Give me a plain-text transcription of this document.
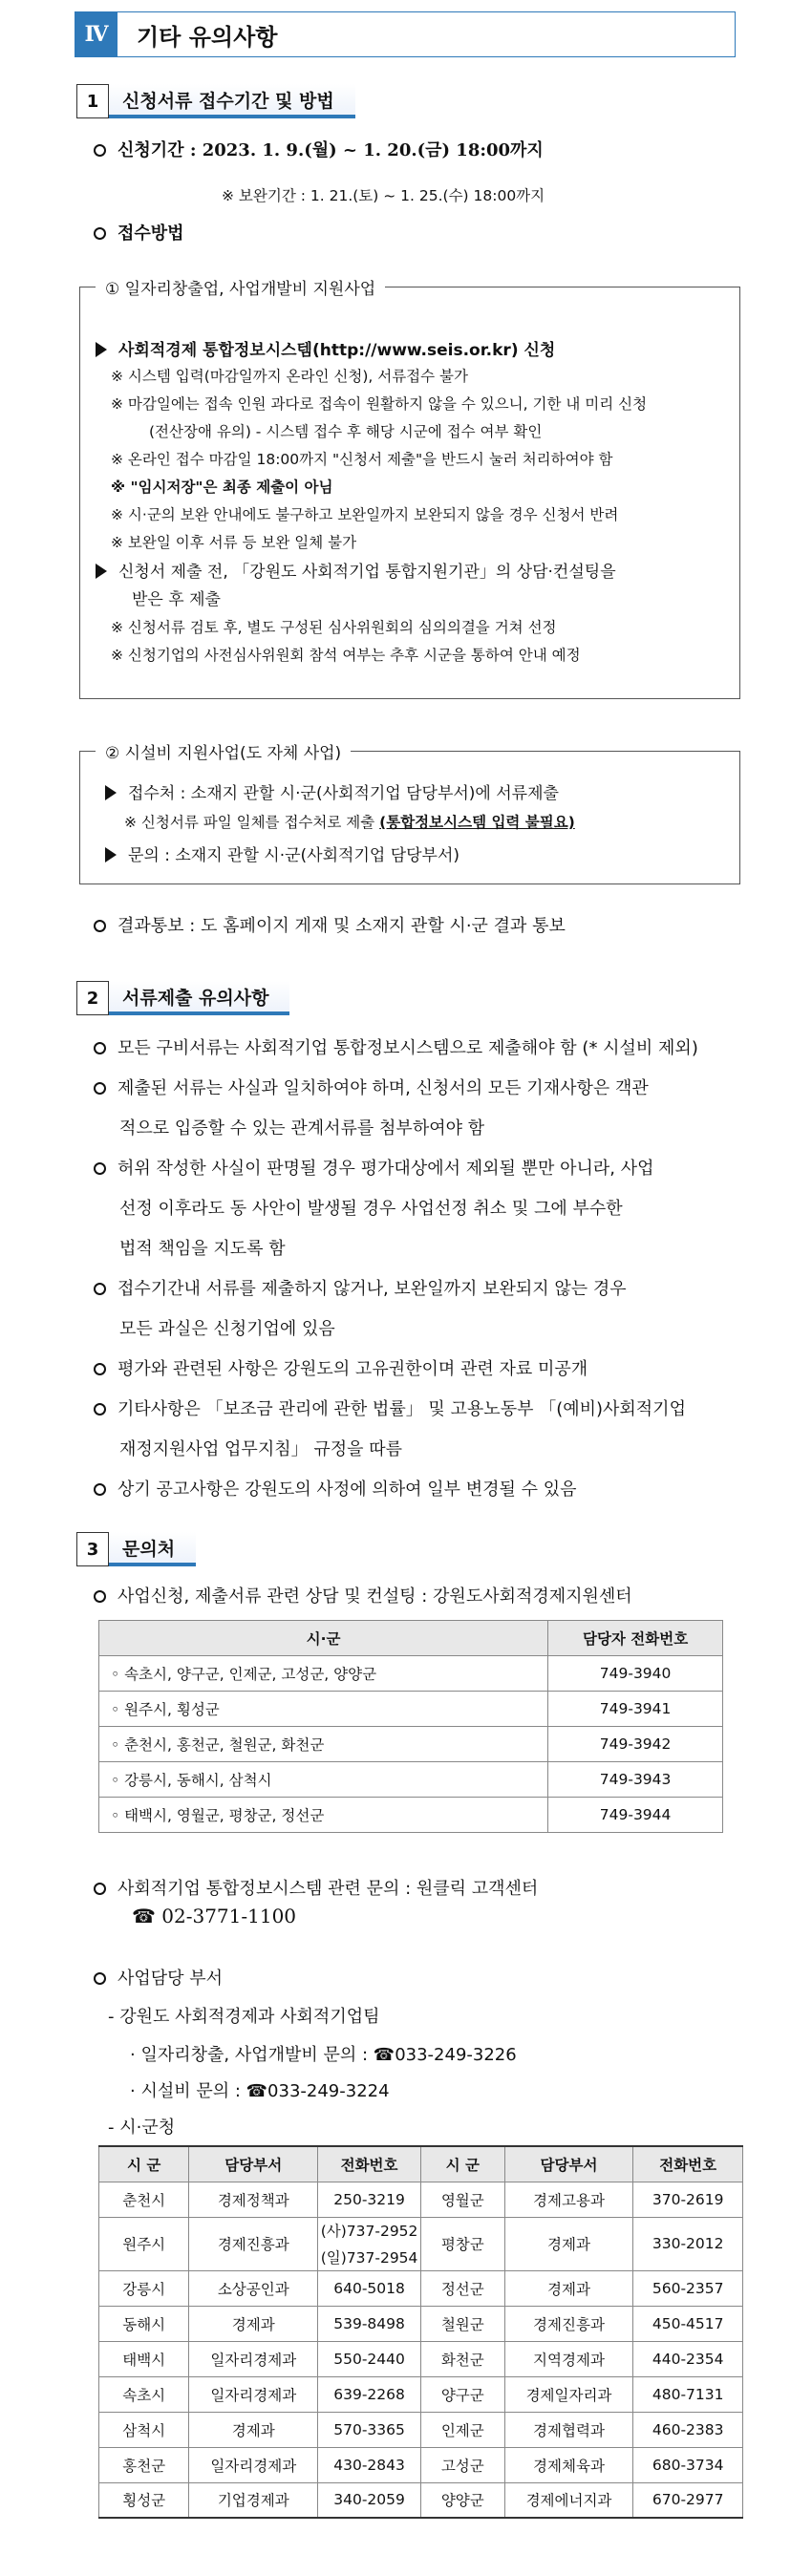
Ⅳ	기타 유의사항
1	신청서류 접수기간 및 방법
신청기간 : 2023. 1. 9.(월) ~ 1. 20.(금) 18:00까지
※ 보완기간 : 1. 21.(토) ~ 1. 25.(수) 18:00까지
접수방법
① 일자리창출업, 사업개발비 지원사업
사회적경제 통합정보시스템(http://www.seis.or.kr) 신청
※ 시스템 입력(마감일까지 온라인 신청), 서류접수 불가
※ 마감일에는 접속 인원 과다로 접속이 원활하지 않을 수 있으니, 기한 내 미리 신청
(전산장애 유의) - 시스템 접수 후 해당 시군에 접수 여부 확인
※ 온라인 접수 마감일 18:00까지 "신청서 제출"을 반드시 눌러 처리하여야 함
※ "임시저장"은 최종 제출이 아님
※ 시·군의 보완 안내에도 불구하고 보완일까지 보완되지 않을 경우 신청서 반려
※ 보완일 이후 서류 등 보완 일체 불가
신청서 제출 전, 「강원도 사회적기업 통합지원기관」의 상담·컨설팅을
받은 후 제출
※ 신청서류 검토 후, 별도 구성된 심사위원회의 심의의결을 거쳐 선정
※ 신청기업의 사전심사위원회 참석 여부는 추후 시군을 통하여 안내 예정
② 시설비 지원사업(도 자체 사업)
접수처 : 소재지 관할 시·군(사회적기업 담당부서)에 서류제출
※ 신청서류 파일 일체를 접수처로 제출 (통합정보시스템 입력 불필요)
문의 : 소재지 관할 시·군(사회적기업 담당부서)
결과통보 : 도 홈페이지 게재 및 소재지 관할 시·군 결과 통보
2	서류제출 유의사항
모든 구비서류는 사회적기업 통합정보시스템으로 제출해야 함 (* 시설비 제외)
제출된 서류는 사실과 일치하여야 하며, 신청서의 모든 기재사항은 객관
적으로 입증할 수 있는 관계서류를 첨부하여야 함
허위 작성한 사실이 판명될 경우 평가대상에서 제외될 뿐만 아니라, 사업
선정 이후라도 동 사안이 발생될 경우 사업선정 취소 및 그에 부수한
법적 책임을 지도록 함
접수기간내 서류를 제출하지 않거나, 보완일까지 보완되지 않는 경우
모든 과실은 신청기업에 있음
평가와 관련된 사항은 강원도의 고유권한이며 관련 자료 미공개
기타사항은 「보조금 관리에 관한 법률」 및 고용노동부 「(예비)사회적기업
재정지원사업 업무지침」 규정을 따름
상기 공고사항은 강원도의 사정에 의하여 일부 변경될 수 있음
3	문의처
사업신청, 제출서류 관련 상담 및 컨설팅 : 강원도사회적경제지원센터
시·군	담당자 전화번호
◦ 속초시, 양구군, 인제군, 고성군, 양양군	749-3940
◦ 원주시, 횡성군	749-3941
◦ 춘천시, 홍천군, 철원군, 화천군	749-3942
◦ 강릉시, 동해시, 삼척시	749-3943
◦ 태백시, 영월군, 평창군, 정선군	749-3944
사회적기업 통합정보시스템 관련 문의 : 원클릭 고객센터
☎ 02-3771-1100
사업담당 부서
- 강원도 사회적경제과 사회적기업팀
· 일자리창출, 사업개발비 문의 : ☎033-249-3226
· 시설비 문의 : ☎033-249-3224
- 시·군청
시 군	담당부서	전화번호	시 군	담당부서	전화번호
춘천시	경제정책과	250-3219	영월군	경제고용과	370-2619
원주시	경제진흥과	(사)737-2952	평창군	경제과	330-2012
		(일)737-2954			
강릉시	소상공인과	640-5018	정선군	경제과	560-2357
동해시	경제과	539-8498	철원군	경제진흥과	450-4517
태백시	일자리경제과	550-2440	화천군	지역경제과	440-2354
속초시	일자리경제과	639-2268	양구군	경제일자리과	480-7131
삼척시	경제과	570-3365	인제군	경제협력과	460-2383
홍천군	일자리경제과	430-2843	고성군	경제체육과	680-3734
횡성군	기업경제과	340-2059	양양군	경제에너지과	670-2977
